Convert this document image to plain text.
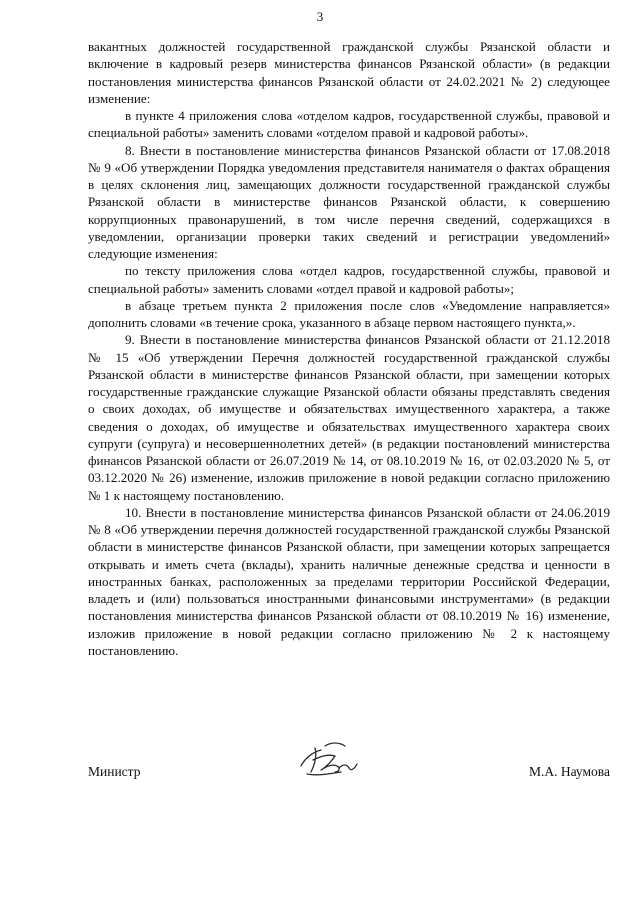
3

вакантных должностей государственной гражданской службы Рязанской области и включение в кадровый резерв министерства финансов Рязанской области» (в редакции постановления министерства финансов Рязанской области от 24.02.2021 № 2) следующее изменение:

в пункте 4 приложения слова «отделом кадров, государственной службы, правовой и специальной работы» заменить словами «отделом правой и кадровой работы».

8. Внести в постановление министерства финансов Рязанской области от 17.08.2018 № 9 «Об утверждении Порядка уведомления представителя нанимателя о фактах обращения в целях склонения лиц, замещающих должности государственной гражданской службы Рязанской области в министерстве финансов Рязанской области, к совершению коррупционных правонарушений, в том числе перечня сведений, содержащихся в уведомлении, организации проверки таких сведений и регистрации уведомлений» следующие изменения:

по тексту приложения слова «отдел кадров, государственной службы, правовой и специальной работы» заменить словами «отдел правой и кадровой работы»;

в абзаце третьем пункта 2 приложения после слов «Уведомление направляется» дополнить словами «в течение срока, указанного в абзаце первом настоящего пункта,».

9. Внести в постановление министерства финансов Рязанской области от 21.12.2018 № 15 «Об утверждении Перечня должностей государственной гражданской службы Рязанской области в министерстве финансов Рязанской области, при замещении которых государственные гражданские служащие Рязанской области обязаны представлять сведения о своих доходах, об имуществе и обязательствах имущественного характера, а также сведения о доходах, об имуществе и обязательствах имущественного характера своих супруги (супруга) и несовершеннолетних детей» (в редакции постановлений министерства финансов Рязанской области от 26.07.2019 № 14, от 08.10.2019 № 16, от 02.03.2020 № 5, от 03.12.2020 № 26) изменение, изложив приложение в новой редакции согласно приложению № 1 к настоящему постановлению.

10. Внести в постановление министерства финансов Рязанской области от 24.06.2019 № 8 «Об утверждении перечня должностей государственной гражданской службы Рязанской области в министерстве финансов Рязанской области, при замещении которых запрещается открывать и иметь счета (вклады), хранить наличные денежные средства и ценности в иностранных банках, расположенных за пределами территории Российской Федерации, владеть и (или) пользоваться иностранными финансовыми инструментами» (в редакции постановления министерства финансов Рязанской области от 08.10.2019 № 16) изменение, изложив приложение в новой редакции согласно приложению № 2 к настоящему постановлению.

Министр	М.А. Наумова
